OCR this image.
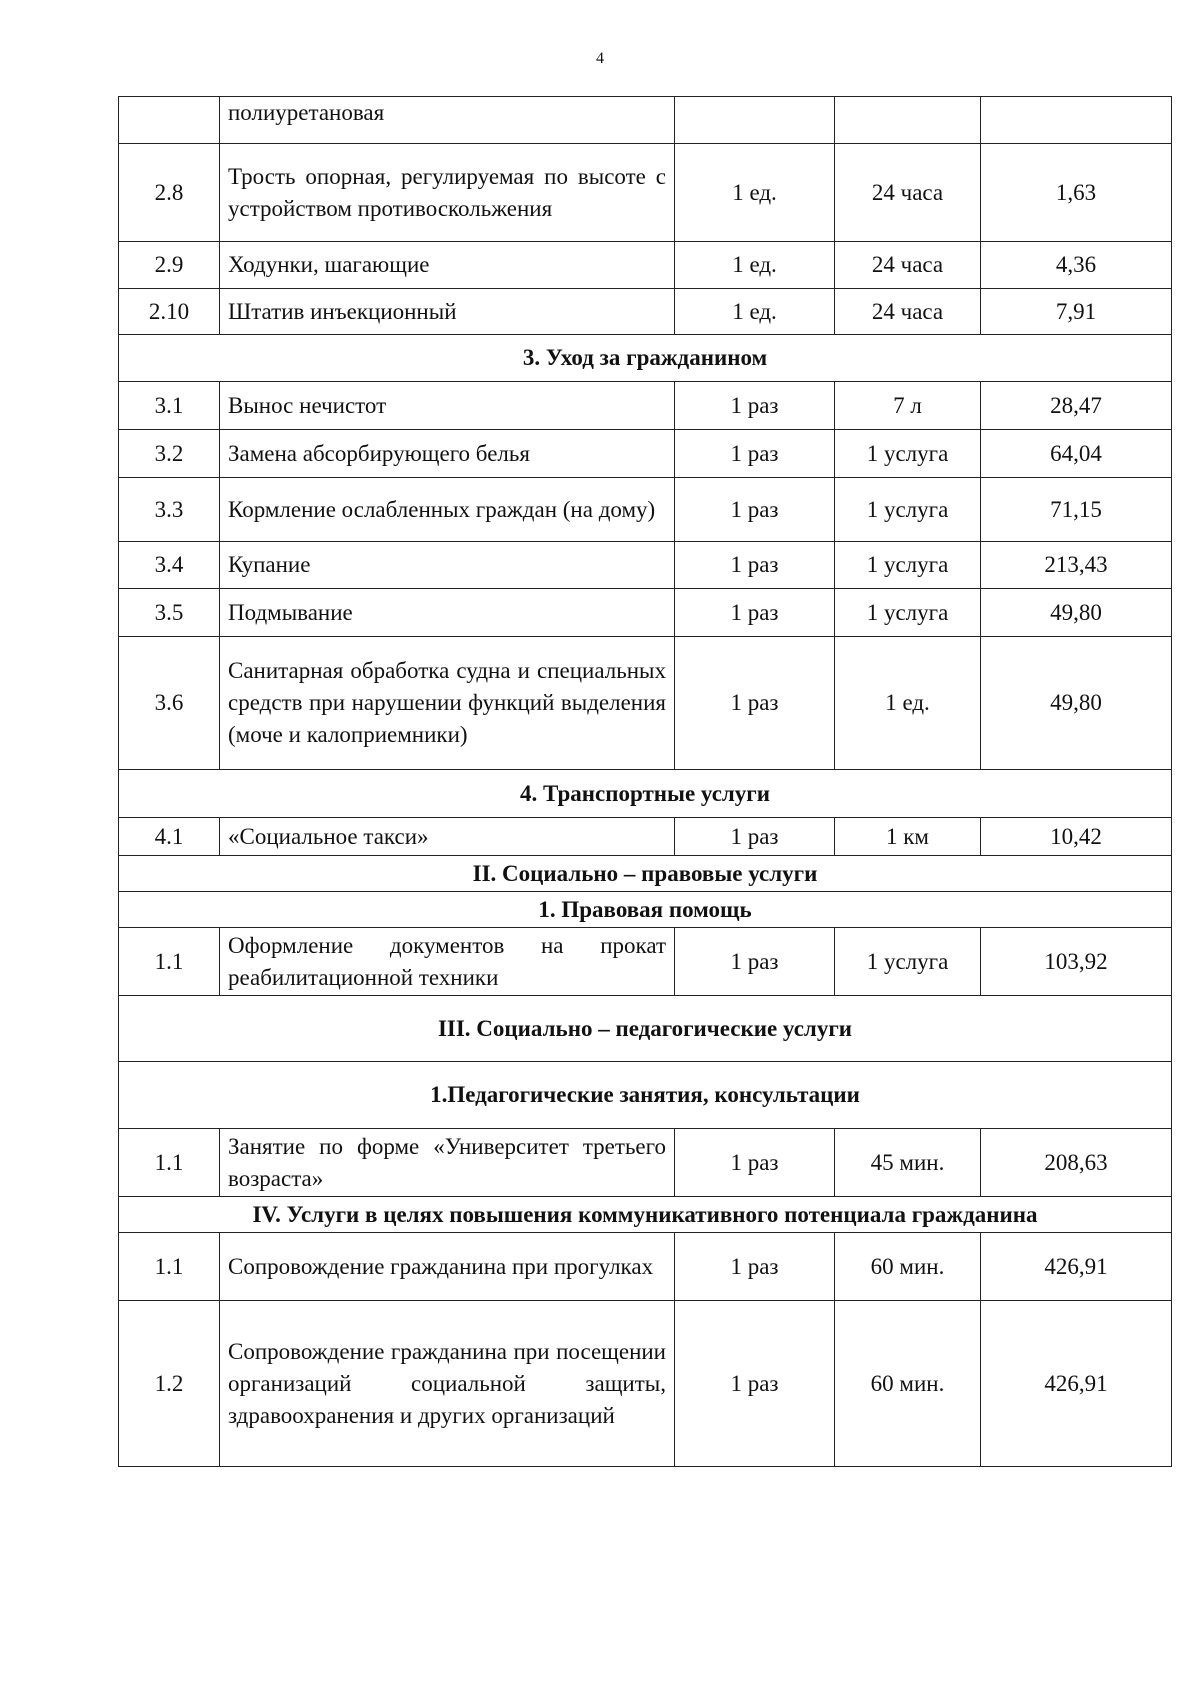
4
	полиуретановая			
2.8	Трость опорная, регулируемая по высоте с устройством противоскольжения	1 ед.	24 часа	1,63
2.9	Ходунки, шагающие	1 ед.	24 часа	4,36
2.10	Штатив инъекционный	1 ед.	24 часа	7,91
3. Уход за гражданином				
3.1	Вынос нечистот	1 раз	7 л	28,47
3.2	Замена абсорбирующего белья	1 раз	1 услуга	64,04
3.3	Кормление ослабленных граждан (на дому)	1 раз	1 услуга	71,15
3.4	Купание	1 раз	1 услуга	213,43
3.5	Подмывание	1 раз	1 услуга	49,80
3.6	Санитарная обработка судна и специальных средств при нарушении функций выделения (моче и калоприемники)	1 раз	1 ед.	49,80
4. Транспортные услуги				
4.1	«Социальное такси»	1 раз	1 км	10,42
II. Социально – правовые услуги				
1. Правовая помощь				
1.1	Оформление документов на прокат реабилитационной техники	1 раз	1 услуга	103,92
III. Социально – педагогические услуги				
1.Педагогические занятия, консультации				
1.1	Занятие по форме «Университет третьего возраста»	1 раз	45 мин.	208,63
IV. Услуги в целях повышения коммуникативного потенциала гражданина				
1.1	Сопровождение гражданина при прогулках	1 раз	60 мин.	426,91
1.2	Сопровождение гражданина при посещении организаций социальной защиты, здравоохранения и других организаций	1 раз	60 мин.	426,91
